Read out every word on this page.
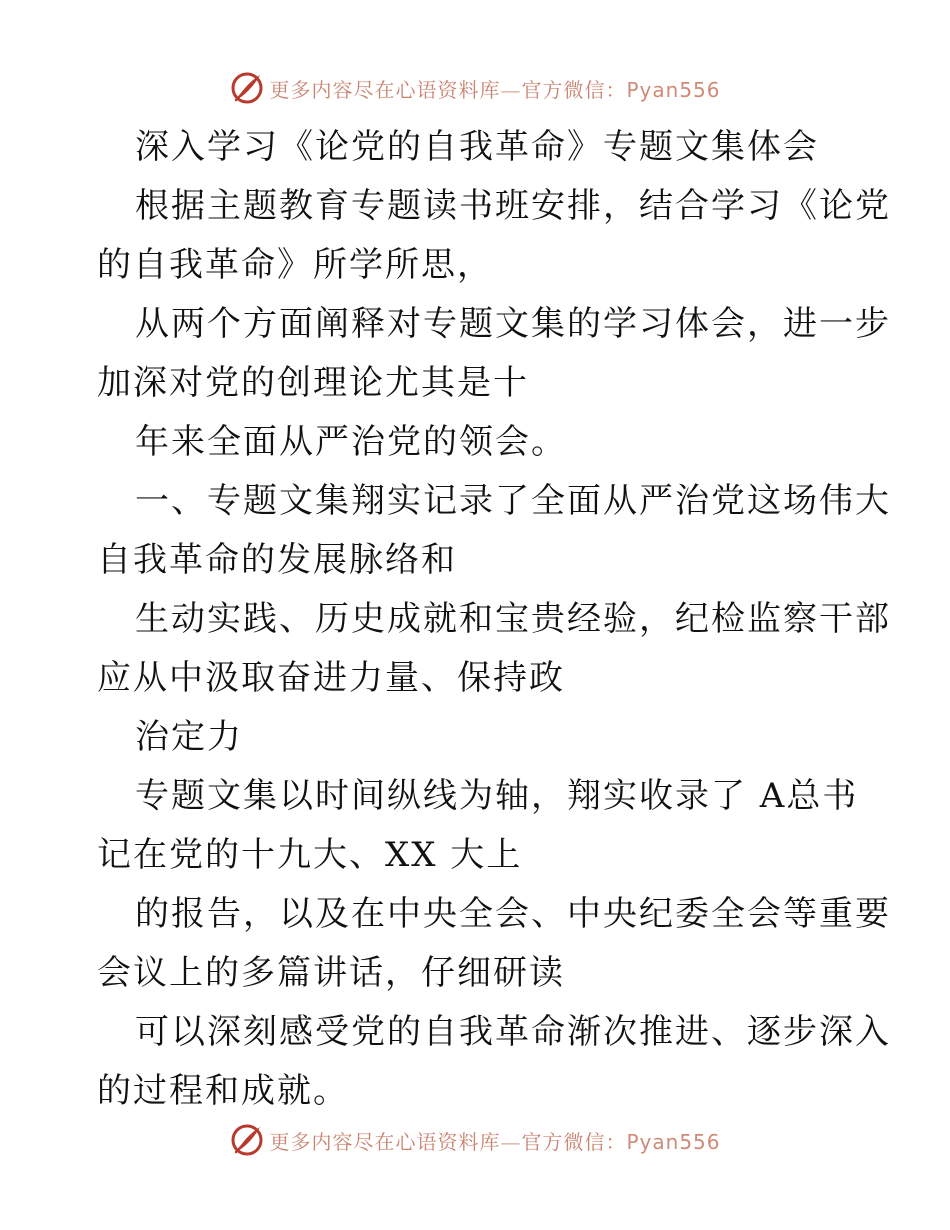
更多内容尽在心语资料库—官方微信：Pyan556
深入学习《论党的自我革命》专题文集体会
根据主题教育专题读书班安排，结合学习《论党
的自我革命》所学所思，
从两个方面阐释对专题文集的学习体会，进一步
加深对党的创理论尤其是十
年来全面从严治党的领会。
一、专题文集翔实记录了全面从严治党这场伟大
自我革命的发展脉络和
生动实践、历史成就和宝贵经验，纪检监察干部
应从中汲取奋进力量、保持政
治定力
专题文集以时间纵线为轴，翔实收录了 A总书
记在党的十九大、XX 大上
的报告，以及在中央全会、中央纪委全会等重要
会议上的多篇讲话，仔细研读
可以深刻感受党的自我革命渐次推进、逐步深入
的过程和成就。
更多内容尽在心语资料库—官方微信：Pyan556
